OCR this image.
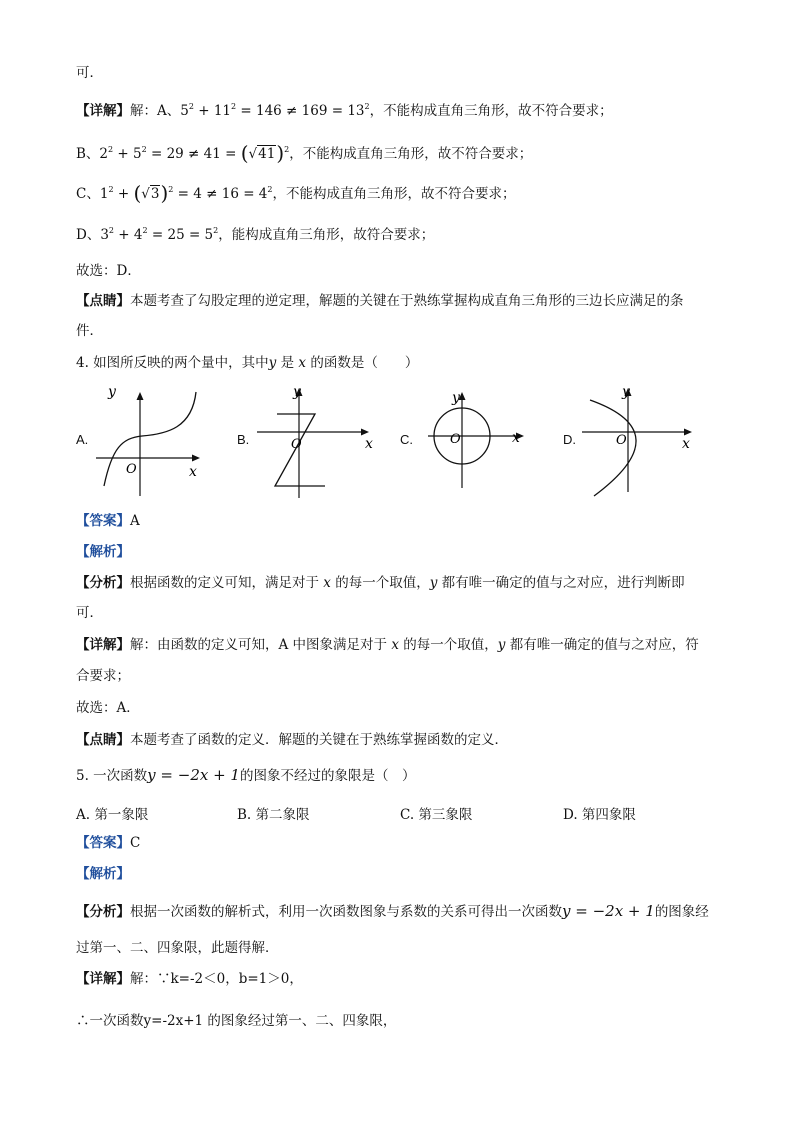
可．
【详解】解：A、$5^2 + 11^2 = 146 \ne 169 = 13^2$，不能构成直角三角形，故不符合要求；
B、$2^2 + 5^2 = 29 \ne 41 = (√41)^2$，不能构成直角三角形，故不符合要求；
C、$1^2 + (√3)^2 = 4 \ne 16 = 4^2$，不能构成直角三角形，故不符合要求；
D、$3^2 + 4^2 = 25 = 5^2$，能构成直角三角形，故符合要求；
故选：D．
【点睛】本题考查了勾股定理的逆定理，解题的关键在于熟练掌握构成直角三角形的三边长应满足的条
件．
4. 如图所反映的两个量中，其中y 是 x 的函数是（　　）
A.	B.	C.	D.
y
x
O
y
x
O
y
x
O
y
x
O
【答案】A
【解析】
【分析】根据函数的定义可知，满足对于 x 的每一个取值，y 都有唯一确定的值与之对应，进行判断即
可．
【详解】解：由函数的定义可知，A 中图象满足对于 x 的每一个取值，y 都有唯一确定的值与之对应，符
合要求；
故选：A．
【点睛】本题考查了函数的定义．解题的关键在于熟练掌握函数的定义．
5. 一次函数y = −2x + 1的图象不经过的象限是（　）
A. 第一象限	B. 第二象限	C. 第三象限	D. 第四象限
【答案】C
【解析】
【分析】根据一次函数的解析式，利用一次函数图象与系数的关系可得出一次函数y = −2x + 1的图象经
过第一、二、四象限，此题得解．
【详解】解：∵k=-2＜0，b=1＞0，
∴一次函数y=-2x+1 的图象经过第一、二、四象限，
